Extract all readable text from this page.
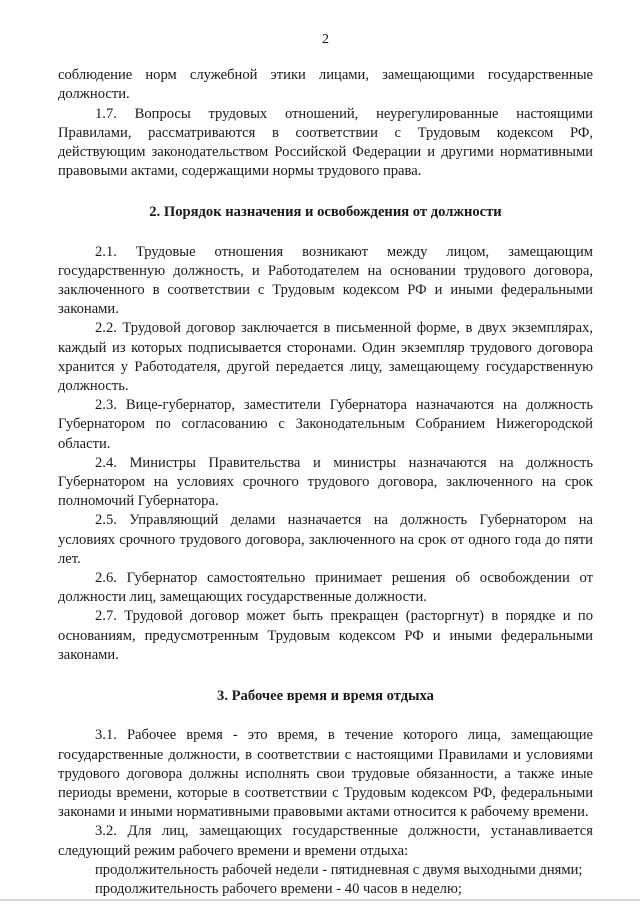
2

соблюдение норм служебной этики лицами, замещающими государственные должности.

1.7. Вопросы трудовых отношений, неурегулированные настоящими Правилами, рассматриваются в соответствии с Трудовым кодексом РФ, действующим законодательством Российской Федерации и другими нормативными правовыми актами, содержащими нормы трудового права.

2. Порядок назначения и освобождения от должности

2.1. Трудовые отношения возникают между лицом, замещающим государственную должность, и Работодателем на основании трудового договора, заключенного в соответствии с Трудовым кодексом РФ и иными федеральными законами.

2.2. Трудовой договор заключается в письменной форме, в двух экземплярах, каждый из которых подписывается сторонами. Один экземпляр трудового договора хранится у Работодателя, другой передается лицу, замещающему государственную должность.

2.3. Вице-губернатор, заместители Губернатора назначаются на должность Губернатором по согласованию с Законодательным Собранием Нижегородской области.

2.4. Министры Правительства и министры назначаются на должность Губернатором на условиях срочного трудового договора, заключенного на срок полномочий Губернатора.

2.5. Управляющий делами назначается на должность Губернатором на условиях срочного трудового договора, заключенного на срок от одного года до пяти лет.

2.6. Губернатор самостоятельно принимает решения об освобождении от должности лиц, замещающих государственные должности.

2.7. Трудовой договор может быть прекращен (расторгнут) в порядке и по основаниям, предусмотренным Трудовым кодексом РФ и иными федеральными законами.

3. Рабочее время и время отдыха

3.1. Рабочее время - это время, в течение которого лица, замещающие государственные должности, в соответствии с настоящими Правилами и условиями трудового договора должны исполнять свои трудовые обязанности, а также иные периоды времени, которые в соответствии с Трудовым кодексом РФ, федеральными законами и иными нормативными правовыми актами относится к рабочему времени.

3.2. Для лиц, замещающих государственные должности, устанавливается следующий режим рабочего времени и времени отдыха:

продолжительность рабочей недели - пятидневная с двумя выходными днями;

продолжительность рабочего времени - 40 часов в неделю;
